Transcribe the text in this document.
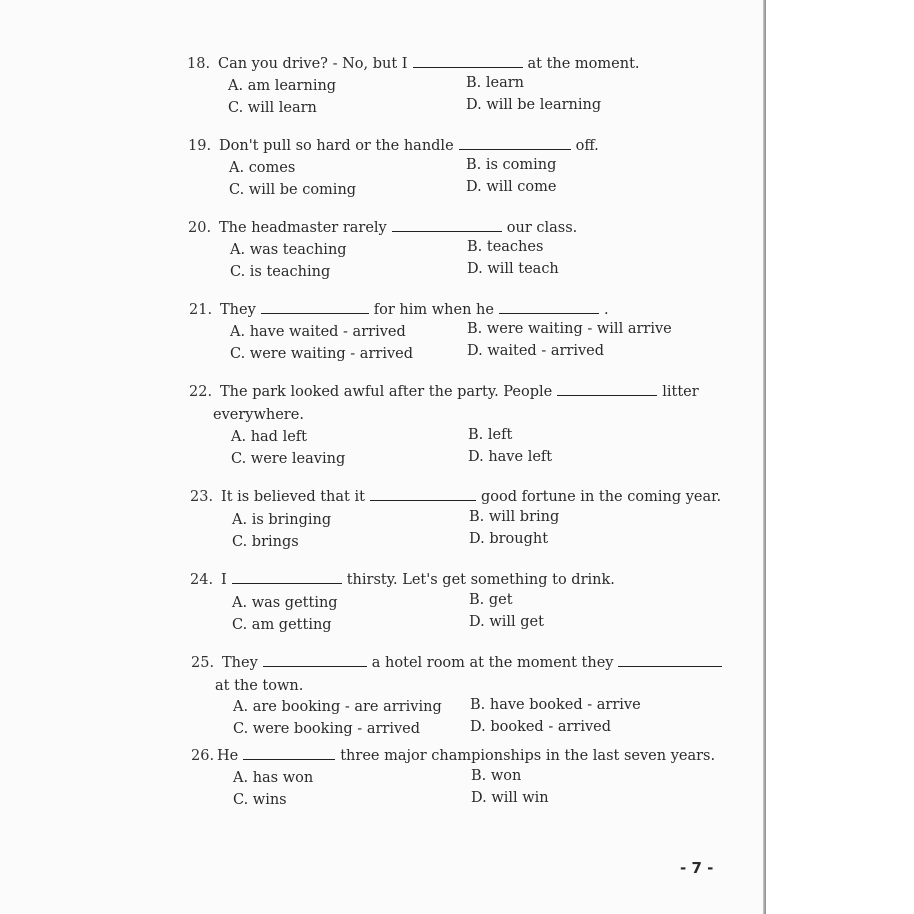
18. Can you drive? - No, but I	at the moment.
A. am learning	B. learn
C. will learn	D. will be learning
19. Don't pull so hard or the handle	off.
A. comes	B. is coming
C. will be coming	D. will come
20. The headmaster rarely	our class.
A. was teaching	B. teaches
C. is teaching	D. will teach
21. They	for him when he	.
A. have waited - arrived	B. were waiting - will arrive
C. were waiting - arrived	D. waited - arrived
22. The park looked awful after the party. People	litter
everywhere.
A. had left	B. left
C. were leaving	D. have left
23. It is believed that it	good fortune in the coming year.
A. is bringing	B. will bring
C. brings	D. brought
24. I	thirsty. Let's get something to drink.
A. was getting	B. get
C. am getting	D. will get
25. They	a hotel room at the moment they
at the town.
A. are booking - are arriving B. have booked - arrive
C. were booking - arrived	D. booked - arrived
26. He	three major championships in the last seven years.
A. has won	B. won
C. wins	D. will win
- 7 -
